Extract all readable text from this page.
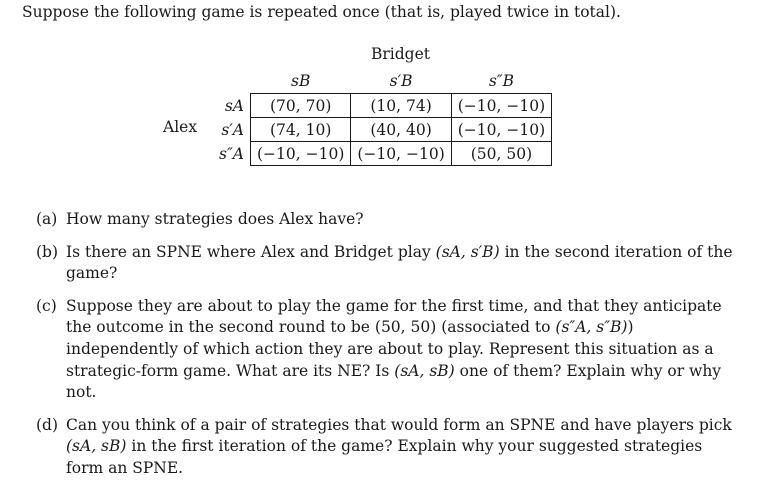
Suppose the following game is repeated once (that is, played twice in total).
Bridget
Alex
	sB	s′B	s″B
sA	(70, 70)	(10, 74)	(−10, −10)
s′A	(74, 10)	(40, 40)	(−10, −10)
s″A	(−10, −10)	(−10, −10)	(50, 50)
(a) How many strategies does Alex have?
(b) Is there an SPNE where Alex and Bridget play (sA, s′B) in the second iteration of the game?
(c) Suppose they are about to play the game for the first time, and that they anticipate the outcome in the second round to be (50, 50) (associated to (s″A, s″B)) independently of which action they are about to play. Represent this situation as a strategic-form game. What are its NE? Is (sA, sB) one of them? Explain why or why not.
(d) Can you think of a pair of strategies that would form an SPNE and have players pick (sA, sB) in the first iteration of the game? Explain why your suggested strategies form an SPNE.
